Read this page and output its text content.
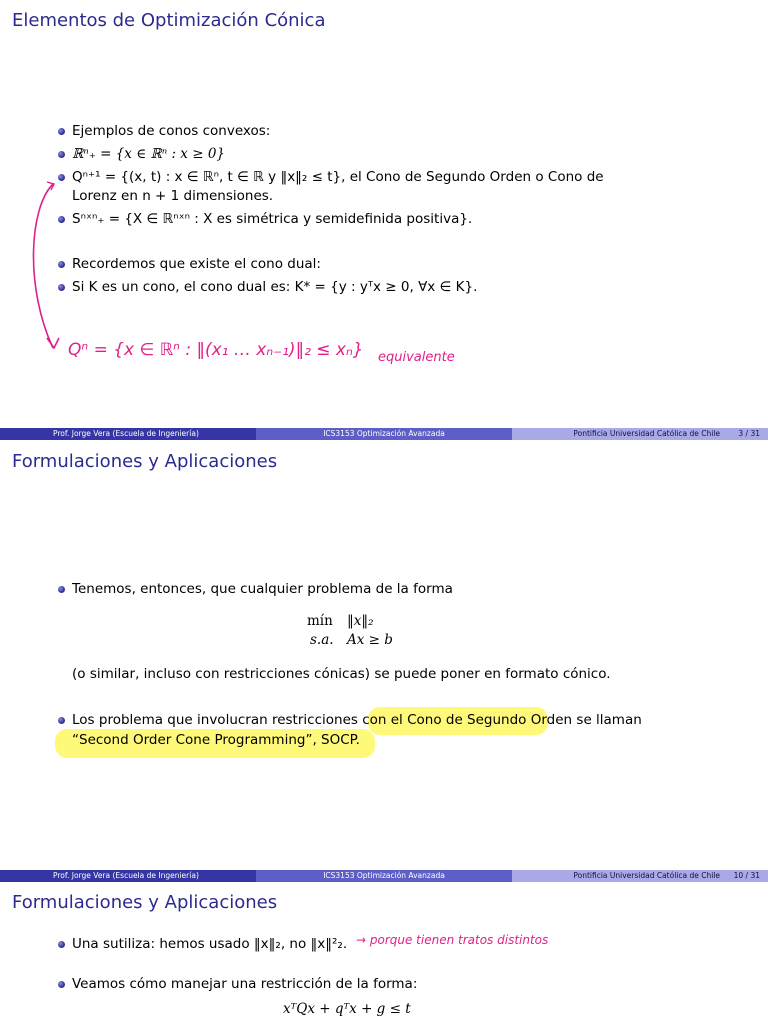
Elementos de Optimización Cónica
Ejemplos de conos convexos:
ℝⁿ₊ = {x ∈ ℝⁿ : x ≥ 0}
Qⁿ⁺¹ = {(x, t) : x ∈ ℝⁿ, t ∈ ℝ y ‖x‖₂ ≤ t}, el Cono de Segundo Orden o Cono de
Lorenz en n + 1 dimensiones.
Sⁿˣⁿ₊ = {X ∈ ℝⁿˣⁿ : X es simétrica y semidefinida positiva}.
Recordemos que existe el cono dual:
Si K es un cono, el cono dual es: K* = {y : yᵀx ≥ 0, ∀x ∈ K}.
Qⁿ = {x ∈ ℝⁿ : ‖(x₁ … xₙ₋₁)‖₂ ≤ xₙ} equivalente
Prof. Jorge Vera (Escuela de Ingeniería)	ICS3153 Optimización Avanzada	Pontificia Universidad Católica de Chile 3 / 31
Formulaciones y Aplicaciones
Tenemos, entonces, que cualquier problema de la forma
mín ‖x‖₂
s.a. Ax ≥ b
(o similar, incluso con restricciones cónicas) se puede poner en formato cónico.
Los problema que involucran restricciones con el Cono de Segundo Orden se llaman
“Second Order Cone Programming”, SOCP.
Prof. Jorge Vera (Escuela de Ingeniería)	ICS3153 Optimización Avanzada	Pontificia Universidad Católica de Chile 10 / 31
Formulaciones y Aplicaciones
Una sutiliza: hemos usado ‖x‖₂, no ‖x‖²₂. → porque tienen tratos distintos
Veamos cómo manejar una restricción de la forma:
xᵀQx + qᵀx + g ≤ t
